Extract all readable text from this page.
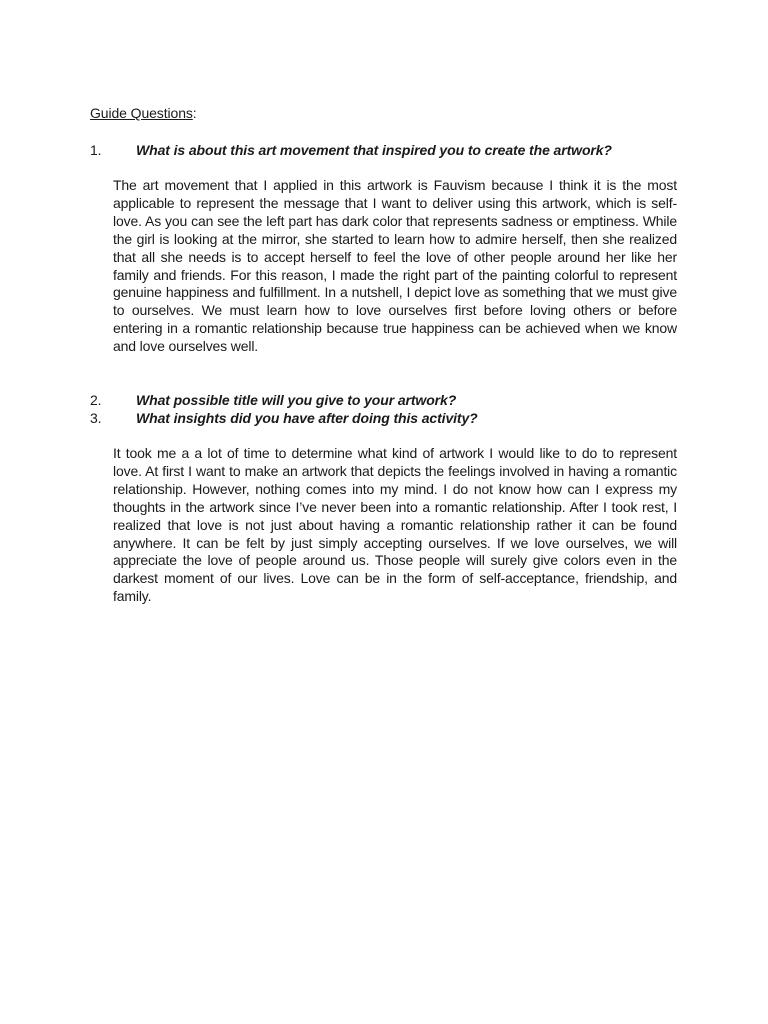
Guide Questions:
1. What is about this art movement that inspired you to create the artwork?

The art movement that I applied in this artwork is Fauvism because I think it is the most applicable to represent the message that I want to deliver using this artwork, which is self-love. As you can see the left part has dark color that represents sadness or emptiness. While the girl is looking at the mirror, she started to learn how to admire herself, then she realized that all she needs is to accept herself to feel the love of other people around her like her family and friends. For this reason, I made the right part of the painting colorful to represent genuine happiness and fulfillment. In a nutshell, I depict love as something that we must give to ourselves. We must learn how to love ourselves first before loving others or before entering in a romantic relationship because true happiness can be achieved when we know and love ourselves well.

2. What possible title will you give to your artwork?
3. What insights did you have after doing this activity?

It took me a a lot of time to determine what kind of artwork I would like to do to represent love. At first I want to make an artwork that depicts the feelings involved in having a romantic relationship. However, nothing comes into my mind. I do not know how can I express my thoughts in the artwork since I’ve never been into a romantic relationship. After I took rest, I realized that love is not just about having a romantic relationship rather it can be found anywhere. It can be felt by just simply accepting ourselves. If we love ourselves, we will appreciate the love of people around us. Those people will surely give colors even in the darkest moment of our lives. Love can be in the form of self-acceptance, friendship, and family.
